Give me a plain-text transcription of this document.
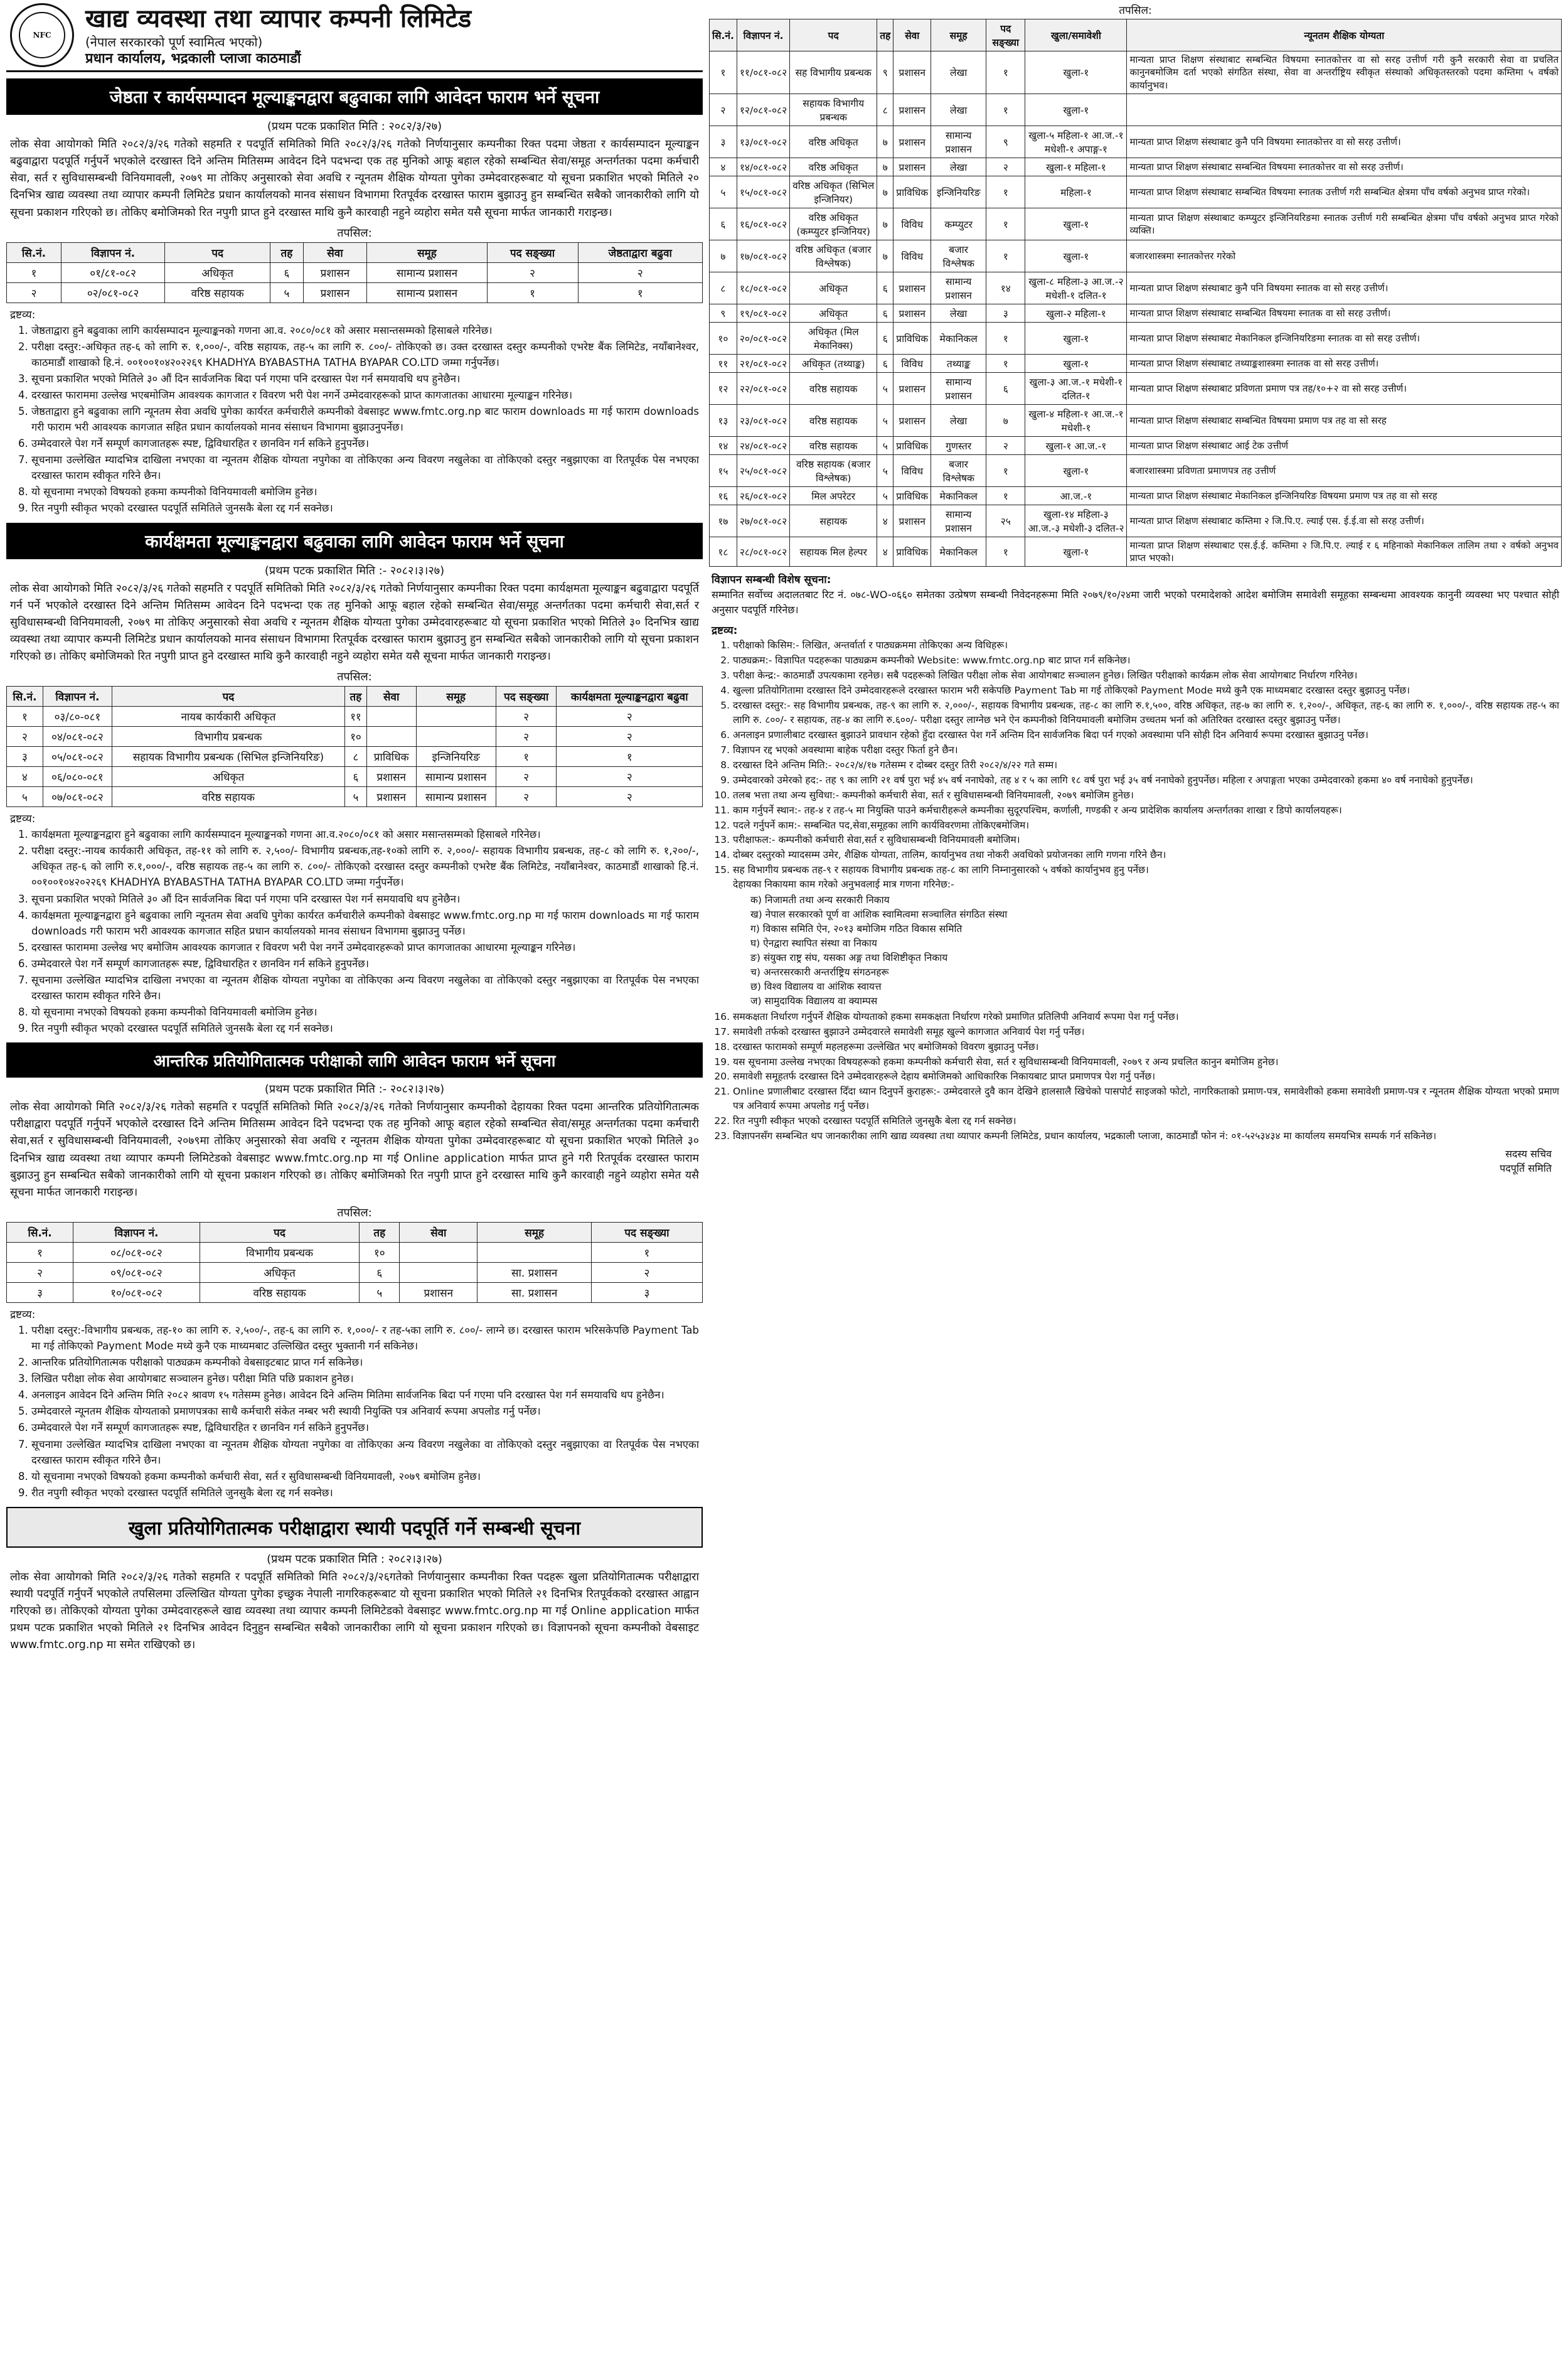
NFC
खाद्य व्यवस्था तथा व्यापार कम्पनी लिमिटेड
(नेपाल सरकारको पूर्ण स्वामित्व भएको)
प्रधान कार्यालय, भद्रकाली प्लाजा काठमाडौं
जेष्ठता र कार्यसम्पादन मूल्याङ्कनद्वारा बढुवाका लागि आवेदन फाराम भर्ने सूचना
(प्रथम पटक प्रकाशित मिति : २०८२/३/२७)
लोक सेवा आयोगको मिति २०८२/३/२६ गतेको सहमति र पदपूर्ति समितिको मिति २०८२/३/२६ गतेको निर्णयानुसार कम्पनीका रिक्त पदमा जेष्ठता र कार्यसम्पादन मूल्याङ्कन बढुवाद्वारा पदपूर्ति गर्नुपर्ने भएकोले दरखास्त दिने अन्तिम मितिसम्म आवेदन दिने पदभन्दा एक तह मुनिको आफू बहाल रहेको सम्बन्धित सेवा/समूह अन्तर्गतका पदमा कर्मचारी सेवा, सर्त र सुविधासम्बन्धी विनियमावली, २०७९ मा तोकिए अनुसारको सेवा अवधि र न्यूनतम शैक्षिक योग्यता पुगेका उम्मेदवारहरूबाट यो सूचना प्रकाशित भएको मितिले २० दिनभित्र खाद्य व्यवस्था तथा व्यापार कम्पनी लिमिटेड प्रधान कार्यालयको मानव संसाधन विभागमा रितपूर्वक दरखास्त फाराम बुझाउनु हुन सम्बन्धित सबैको जानकारीको लागि यो सूचना प्रकाशन गरिएको छ। तोकिए बमोजिमको रित नपुगी प्राप्त हुने दरखास्त माथि कुनै कारवाही नहुने व्यहोरा समेत यसै सूचना मार्फत जानकारी गराइन्छ।
तपसिल:
सि.नं.	विज्ञापन नं.	पद	तह	सेवा	समूह	पद सङ्ख्या	जेष्ठताद्वारा बढुवा
१	०१/८१-०८२	अधिकृत	६	प्रशासन	सामान्य प्रशासन	२	२
२	०२/०८१-०८२	वरिष्ठ सहायक	५	प्रशासन	सामान्य प्रशासन	१	१
द्रष्टव्य:
1. जेष्ठताद्वारा हुने बढुवाका लागि कार्यसम्पादन मूल्याङ्कनको गणना आ.व. २०८०/०८१ को असार मसान्तसम्मको हिसाबले गरिनेछ।
2. परीक्षा दस्तुर:-अधिकृत तह-६ को लागि रु. १,०००/-, वरिष्ठ सहायक, तह-५ का लागि रु. ८००/- तोकिएको छ। उक्त दरखास्त दस्तुर कम्पनीको एभरेष्ट बैंक लिमिटेड, नयाँबानेश्वर, काठमाडौं शाखाको हि.नं. ००१००१०४२०२२६९ KHADHYA BYABASTHA TATHA BYAPAR CO.LTD जम्मा गर्नुपर्नेछ।
3. सूचना प्रकाशित भएको मितिले ३० औं दिन सार्वजनिक बिदा पर्न गएमा पनि दरखास्त पेश गर्न समयावधि थप हुनेछैन।
4. दरखास्त फाराममा उल्लेख भएबमोजिम आवश्यक कागजात र विवरण भरी पेश नगर्ने उम्मेदवारहरूको प्राप्त कागजातका आधारमा मूल्याङ्कन गरिनेछ।
5. जेष्ठताद्वारा हुने बढुवाका लागि न्यूनतम सेवा अवधि पुगेका कार्यरत कर्मचारीले कम्पनीको वेबसाइट www.fmtc.org.np बाट फाराम downloads मा गई फाराम downloads गरी फाराम भरी आवश्यक कागजात सहित प्रधान कार्यालयको मानव संसाधन विभागमा बुझाउनुपर्नेछ।
6. उम्मेदवारले पेश गर्ने सम्पूर्ण कागजातहरू स्पष्ट, द्विविधारहित र छानविन गर्न सकिने हुनुपर्नेछ।
7. सूचनामा उल्लेखित म्यादभित्र दाखिला नभएका वा न्यूनतम शैक्षिक योग्यता नपुगेका वा तोकिएका अन्य विवरण नखुलेका वा तोकिएको दस्तुर नबुझाएका वा रितपूर्वक पेस नभएका दरखास्त फाराम स्वीकृत गरिने छैन।
8. यो सूचनामा नभएको विषयको हकमा कम्पनीको विनियमावली बमोजिम हुनेछ।
9. रित नपुगी स्वीकृत भएको दरखास्त पदपूर्ति समितिले जुनसकै बेला रद्द गर्न सक्नेछ।
कार्यक्षमता मूल्याङ्कनद्वारा बढुवाका लागि आवेदन फाराम भर्ने सूचना
(प्रथम पटक प्रकाशित मिति :- २०८२।३।२७)
लोक सेवा आयोगको मिति २०८२/३/२६ गतेको सहमति र पदपूर्ति समितिको मिति २०८२/३/२६ गतेको निर्णयानुसार कम्पनीका रिक्त पदमा कार्यक्षमता मूल्याङ्कन बढुवाद्वारा पदपूर्ति गर्न पर्ने भएकोले दरखास्त दिने अन्तिम मितिसम्म आवेदन दिने पदभन्दा एक तह मुनिको आफू बहाल रहेको सम्बन्धित सेवा/समूह अन्तर्गतका पदमा कर्मचारी सेवा,सर्त र सुविधासम्बन्धी विनियमावली, २०७९ मा तोकिए अनुसारको सेवा अवधि र न्यूनतम शैक्षिक योग्यता पुगेका उम्मेदवारहरूबाट यो सूचना प्रकाशित भएको मितिले ३० दिनभित्र खाद्य व्यवस्था तथा व्यापार कम्पनी लिमिटेड प्रधान कार्यालयको मानव संसाधन विभागमा रितपूर्वक दरखास्त फाराम बुझाउनु हुन सम्बन्धित सबैको जानकारीको लागि यो सूचना प्रकाशन गरिएको छ। तोकिए बमोजिमको रित नपुगी प्राप्त हुने दरखास्त माथि कुनै कारवाही नहुने व्यहोरा समेत यसै सूचना मार्फत जानकारी गराइन्छ।
तपसिल:
सि.नं.	विज्ञापन नं.	पद	तह	सेवा	समूह	पद सङ्ख्या	कार्यक्षमता मूल्याङ्कनद्वारा बढुवा
१	०३/८०-०८१	नायब कार्यकारी अधिकृत	११			२	२
२	०४/०८१-०८२	विभागीय प्रबन्धक	१०			२	२
३	०५/०८१-०८२	सहायक विभागीय प्रबन्धक (सिभिल इन्जिनियरिङ)	८	प्राविधिक	इन्जिनियरिङ	१	१
४	०६/०८०-०८१	अधिकृत	६	प्रशासन	सामान्य प्रशासन	२	२
५	०७/०८१-०८२	वरिष्ठ सहायक	५	प्रशासन	सामान्य प्रशासन	२	२
द्रष्टव्य:
1. कार्यक्षमता मूल्याङ्कनद्वारा हुने बढुवाका लागि कार्यसम्पादन मूल्याङ्कनको गणना आ.व.२०८०/०८१ को असार मसान्तसम्मको हिसाबले गरिनेछ।
2. परीक्षा दस्तुर:-नायब कार्यकारी अधिकृत, तह-११ को लागि रु. २,५००/- विभागीय प्रबन्धक,तह-१०को लागि रु. २,०००/- सहायक विभागीय प्रबन्धक, तह-८ को लागि रु. १,२००/-, अधिकृत तह-६ को लागि रु.१,०००/-, वरिष्ठ सहायक तह-५ का लागि रु. ८००/- तोकिएको दरखास्त दस्तुर कम्पनीको एभरेष्ट बैंक लिमिटेड, नयाँबानेश्वर, काठमाडौं शाखाको हि.नं. ००१००१०४२०२२६९ KHADHYA BYABASTHA TATHA BYAPAR CO.LTD जम्मा गर्नुपर्नेछ।
3. सूचना प्रकाशित भएको मितिले ३० औं दिन सार्वजनिक बिदा पर्न गएमा पनि दरखास्त पेश गर्न समयावधि थप हुनेछैन।
4. कार्यक्षमता मूल्याङ्कनद्वारा हुने बढुवाका लागि न्यूनतम सेवा अवधि पुगेका कार्यरत कर्मचारीले कम्पनीको वेबसाइट www.fmtc.org.np मा गई फाराम downloads मा गई फाराम downloads गरी फाराम भरी आवश्यक कागजात सहित प्रधान कार्यालयको मानव संसाधन विभागमा बुझाउनु पर्नेछ।
5. दरखास्त फाराममा उल्लेख भए बमोजिम आवश्यक कागजात र विवरण भरी पेश नगर्ने उम्मेदवारहरूको प्राप्त कागजातका आधारमा मूल्याङ्कन गरिनेछ।
6. उम्मेदवारले पेश गर्ने सम्पूर्ण कागजातहरू स्पष्ट, द्विविधारहित र छानविन गर्न सकिने हुनुपर्नेछ।
7. सूचनामा उल्लेखित म्यादभित्र दाखिला नभएका वा न्यूनतम शैक्षिक योग्यता नपुगेका वा तोकिएका अन्य विवरण नखुलेका वा तोकिएको दस्तुर नबुझाएका वा रितपूर्वक पेस नभएका दरखास्त फाराम स्वीकृत गरिने छैन।
8. यो सूचनामा नभएको विषयको हकमा कम्पनीको विनियमावली बमोजिम हुनेछ।
9. रित नपुगी स्वीकृत भएको दरखास्त पदपूर्ति समितिले जुनसकै बेला रद्द गर्न सक्नेछ।
आन्तरिक प्रतियोगितात्मक परीक्षाको लागि आवेदन फाराम भर्ने सूचना
(प्रथम पटक प्रकाशित मिति :- २०८२।३।२७)
लोक सेवा आयोगको मिति २०८२/३/२६ गतेको सहमति र पदपूर्ति समितिको मिति २०८२/३/२६ गतेको निर्णयानुसार कम्पनीको देहायका रिक्त पदमा आन्तरिक प्रतियोगितात्मक परीक्षाद्वारा पदपूर्ति गर्नुपर्ने भएकोले दरखास्त दिने अन्तिम मितिसम्म आवेदन दिने पदभन्दा एक तह मुनिको आफू बहाल रहेको सम्बन्धित सेवा/समूह अन्तर्गतका पदमा कर्मचारी सेवा,सर्त र सुविधासम्बन्धी विनियमावली, २०७९मा तोकिए अनुसारको सेवा अवधि र न्यूनतम शैक्षिक योग्यता पुगेका उम्मेदवारहरूबाट यो सूचना प्रकाशित भएको मितिले ३० दिनभित्र खाद्य व्यवस्था तथा व्यापार कम्पनी लिमिटेडको वेबसाइट www.fmtc.org.np मा गई Online application मार्फत प्राप्त हुने गरी रितपूर्वक दरखास्त फाराम बुझाउनु हुन सम्बन्धित सबैको जानकारीको लागि यो सूचना प्रकाशन गरिएको छ। तोकिए बमोजिमको रित नपुगी प्राप्त हुने दरखास्त माथि कुनै कारवाही नहुने व्यहोरा समेत यसै सूचना मार्फत जानकारी गराइन्छ।
तपसिल:
सि.नं.	विज्ञापन नं.	पद	तह	सेवा	समूह	पद सङ्ख्या
१	०८/०८१-०८२	विभागीय प्रबन्धक	१०			१
२	०९/०८१-०८२	अधिकृत	६		सा. प्रशासन	२
३	१०/०८१-०८२	वरिष्ठ सहायक	५	प्रशासन	सा. प्रशासन	३
द्रष्टव्य:
1. परीक्षा दस्तुर:-विभागीय प्रबन्धक, तह-१० का लागि रु. २,५००/-, तह-६ का लागि रु. १,०००/- र तह-५का लागि रु. ८००/- लाग्ने छ। दरखास्त फाराम भरिसकेपछि Payment Tab मा गई तोकिएको Payment Mode मध्ये कुनै एक माध्यमबाट उल्लिखित दस्तुर भुक्तानी गर्न सकिनेछ।
2. आन्तरिक प्रतियोगितात्मक परीक्षाको पाठ्यक्रम कम्पनीको वेबसाइटबाट प्राप्त गर्न सकिनेछ।
3. लिखित परीक्षा लोक सेवा आयोगबाट सञ्चालन हुनेछ। परीक्षा मिति पछि प्रकाशन हुनेछ।
4. अनलाइन आवेदन दिने अन्तिम मिति २०८२ श्रावण १५ गतेसम्म हुनेछ। आवेदन दिने अन्तिम मितिमा सार्वजनिक बिदा पर्न गएमा पनि दरखास्त पेश गर्न समयावधि थप हुनेछैन।
5. उम्मेदवारले न्यूनतम शैक्षिक योग्यताको प्रमाणपत्रका साथै कर्मचारी संकेत नम्बर भरी स्थायी नियुक्ति पत्र अनिवार्य रूपमा अपलोड गर्नु पर्नेछ।
6. उम्मेदवारले पेश गर्ने सम्पूर्ण कागजातहरू स्पष्ट, द्विविधारहित र छानविन गर्न सकिने हुनुपर्नेछ।
7. सूचनामा उल्लेखित म्यादभित्र दाखिला नभएका वा न्यूनतम शैक्षिक योग्यता नपुगेका वा तोकिएका अन्य विवरण नखुलेका वा तोकिएको दस्तुर नबुझाएका वा रितपूर्वक पेस नभएका दरखास्त फाराम स्वीकृत गरिने छैन।
8. यो सूचनामा नभएको विषयको हकमा कम्पनीको कर्मचारी सेवा, सर्त र सुविधासम्बन्धी विनियमावली, २०७९ बमोजिम हुनेछ।
9. रीत नपुगी स्वीकृत भएको दरखास्त पदपूर्ति समितिले जुनसुकै बेला रद्द गर्न सक्नेछ।
खुला प्रतियोगितात्मक परीक्षाद्वारा स्थायी पदपूर्ति गर्ने सम्बन्धी सूचना
(प्रथम पटक प्रकाशित मिति : २०८२।३।२७)
लोक सेवा आयोगको मिति २०८२/३/२६ गतेको सहमति र पदपूर्ति समितिको मिति २०८२/३/२६गतेको निर्णयानुसार कम्पनीका रिक्त पदहरू खुला प्रतियोगितात्मक परीक्षाद्वारा स्थायी पदपूर्ति गर्नुपर्ने भएकोले तपसिलमा उल्लिखित योग्यता पुगेका इच्छुक नेपाली नागरिकहरूबाट यो सूचना प्रकाशित भएको मितिले २१ दिनभित्र रितपूर्वकको दरखास्त आह्वान गरिएको छ। तोकिएको योग्यता पुगेका उम्मेदवारहरूले खाद्य व्यवस्था तथा व्यापार कम्पनी लिमिटेडको वेबसाइट www.fmtc.org.np मा गई Online application मार्फत प्रथम पटक प्रकाशित भएको मितिले २१ दिनभित्र आवेदन दिनुहुन सम्बन्धित सबैको जानकारीका लागि यो सूचना प्रकाशन गरिएको छ। विज्ञापनको सूचना कम्पनीको वेबसाइट www.fmtc.org.np मा समेत राखिएको छ।
तपसिल:
सि.नं.	विज्ञापन नं.	पद	तह	सेवा	समूह	पद सङ्ख्या	खुला/समावेशी	न्यूनतम शैक्षिक योग्यता
१	११/०८१-०८२	सह विभागीय प्रबन्धक	९	प्रशासन	लेखा	१	खुला-१	मान्यता प्राप्त शिक्षण संस्थाबाट सम्बन्धित विषयमा स्नातकोत्तर वा सो सरह उत्तीर्ण गरी कुनै सरकारी सेवा वा प्रचलित कानुनबमोजिम दर्ता भएको संगठित संस्था, सेवा वा अन्तर्राष्ट्रिय स्वीकृत संस्थाको अधिकृतस्तरको पदमा कम्तिमा ५ वर्षको कार्यानुभव।
२	१२/०८१-०८२	सहायक विभागीय प्रबन्धक	८	प्रशासन	लेखा	१	खुला-१	
३	१३/०८१-०८२	वरिष्ठ अधिकृत	७	प्रशासन	सामान्य प्रशासन	९	खुला-५ महिला-१ आ.ज.-१ मधेशी-१ अपाङ्ग-१	मान्यता प्राप्त शिक्षण संस्थाबाट कुनै पनि विषयमा स्नातकोत्तर वा सो सरह उत्तीर्ण।
४	१४/०८१-०८२	वरिष्ठ अधिकृत	७	प्रशासन	लेखा	२	खुला-१ महिला-१	मान्यता प्राप्त शिक्षण संस्थाबाट सम्बन्धित विषयमा स्नातकोत्तर वा सो सरह उत्तीर्ण।
५	१५/०८१-०८२	वरिष्ठ अधिकृत (सिभिल इन्जिनियर)	७	प्राविधिक	इन्जिनियरिङ	१	महिला-१	मान्यता प्राप्त शिक्षण संस्थाबाट सम्बन्धित विषयमा स्नातक उत्तीर्ण गरी सम्बन्धित क्षेत्रमा पाँच वर्षको अनुभव प्राप्त गरेको।
६	१६/०८१-०८२	वरिष्ठ अधिकृत (कम्प्युटर इन्जिनियर)	७	विविध	कम्प्युटर	१	खुला-१	मान्यता प्राप्त शिक्षण संस्थाबाट कम्प्युटर इन्जिनियरिङमा स्नातक उत्तीर्ण गरी सम्बन्धित क्षेत्रमा पाँच वर्षको अनुभव प्राप्त गरेको व्यक्ति।
७	१७/०८१-०८२	वरिष्ठ अधिकृत (बजार विश्लेषक)	७	विविध	बजार विश्लेषक	१	खुला-१	बजारशास्त्रमा स्नातकोत्तर गरेको
८	१८/०८१-०८२	अधिकृत	६	प्रशासन	सामान्य प्रशासन	१४	खुला-८ महिला-३ आ.ज.-२ मधेशी-१ दलित-१	मान्यता प्राप्त शिक्षण संस्थाबाट कुनै पनि विषयमा स्नातक वा सो सरह उत्तीर्ण।
९	१९/०८१-०८२	अधिकृत	६	प्रशासन	लेखा	३	खुला-२ महिला-१	मान्यता प्राप्त शिक्षण संस्थाबाट सम्बन्धित विषयमा स्नातक वा सो सरह उत्तीर्ण।
१०	२०/०८१-०८२	अधिकृत (मिल मेकानिक्स)	६	प्राविधिक	मेकानिकल	१	खुला-१	मान्यता प्राप्त शिक्षण संस्थाबाट मेकानिकल इन्जिनियरिङमा स्नातक वा सो सरह उत्तीर्ण।
११	२१/०८१-०८२	अधिकृत (तथ्याङ्क)	६	विविध	तथ्याङ्क	१	खुला-१	मान्यता प्राप्त शिक्षण संस्थाबाट तथ्याङ्कशास्त्रमा स्नातक वा सो सरह उत्तीर्ण।
१२	२२/०८१-०८२	वरिष्ठ सहायक	५	प्रशासन	सामान्य प्रशासन	६	खुला-३ आ.ज.-१ मधेशी-१ दलित-१	मान्यता प्राप्त शिक्षण संस्थाबाट प्रविणता प्रमाण पत्र तह/१०+२ वा सो सरह उत्तीर्ण।
१३	२३/०८१-०८२	वरिष्ठ सहायक	५	प्रशासन	लेखा	७	खुला-४ महिला-१ आ.ज.-१ मधेशी-१	मान्यता प्राप्त शिक्षण संस्थाबाट सम्बन्धित विषयमा प्रमाण पत्र तह वा सो सरह
१४	२४/०८१-०८२	वरिष्ठ सहायक	५	प्राविधिक	गुणस्तर	२	खुला-१ आ.ज.-१	मान्यता प्राप्त शिक्षण संस्थाबाट आई टेक उत्तीर्ण
१५	२५/०८१-०८२	वरिष्ठ सहायक (बजार विश्लेषक)	५	विविध	बजार विश्लेषक	१	खुला-१	बजारशास्त्रमा प्रविणता प्रमाणपत्र तह उत्तीर्ण
१६	२६/०८१-०८२	मिल अपरेटर	५	प्राविधिक	मेकानिकल	१	आ.ज.-१	मान्यता प्राप्त शिक्षण संस्थाबाट मेकानिकल इन्जिनियरिङ विषयमा प्रमाण पत्र तह वा सो सरह
१७	२७/०८१-०८२	सहायक	४	प्रशासन	सामान्य प्रशासन	२५	खुला-१४ महिला-३ आ.ज.-३ मधेशी-३ दलित-२	मान्यता प्राप्त शिक्षण संस्थाबाट कम्तिमा २ जि.पि.ए. ल्याई एस. ई.ई.वा सो सरह उत्तीर्ण।
१८	२८/०८१-०८२	सहायक मिल हेल्पर	४	प्राविधिक	मेकानिकल	१	खुला-१	मान्यता प्राप्त शिक्षण संस्थाबाट एस.ई.ई. कम्तिमा २ जि.पि.ए. ल्याई र ६ महिनाको मेकानिकल तालिम तथा २ वर्षको अनुभव प्राप्त भएको।
विज्ञापन सम्बन्धी विशेष सूचना:
सम्मानित सर्वोच्च अदालतबाट रिट नं. ०७८-WO-०६६० समेतका उत्प्रेषण सम्बन्धी निवेदनहरूमा मिति २०७९/१०/२४मा जारी भएको परमादेशको आदेश बमोजिम समावेशी समूहका सम्बन्धमा आवश्यक कानुनी व्यवस्था भए पश्चात सोही अनुसार पदपूर्ति गरिनेछ।
द्रष्टव्य:
1. परीक्षाको किसिम:- लिखित, अन्तर्वार्ता र पाठ्यक्रममा तोकिएका अन्य विधिहरू।
2. पाठ्यक्रम:- विज्ञापित पदहरूका पाठ्यक्रम कम्पनीको Website: www.fmtc.org.np बाट प्राप्त गर्न सकिनेछ।
3. परीक्षा केन्द्र:- काठमाडौं उपत्यकामा रहनेछ। सबै पदहरूको लिखित परीक्षा लोक सेवा आयोगबाट सञ्चालन हुनेछ। लिखित परीक्षाको कार्यक्रम लोक सेवा आयोगबाट निर्धारण गरिनेछ।
4. खुल्ला प्रतियोगितामा दरखास्त दिने उम्मेदवारहरूले दरखास्त फाराम भरी सकेपछि Payment Tab मा गई तोकिएको Payment Mode मध्ये कुनै एक माध्यमबाट दरखास्त दस्तुर बुझाउनु पर्नेछ।
5. दरखास्त दस्तुर:- सह विभागीय प्रबन्धक, तह-९ का लागि रु. २,०००/-, सहायक विभागीय प्रबन्धक, तह-८ का लागि रु.१,५००, वरिष्ठ अधिकृत, तह-७ का लागि रु. १,२००/-, अधिकृत, तह-६ का लागि रु. १,०००/-, वरिष्ठ सहायक तह-५ का लागि रु. ८००/- र सहायक, तह-४ का लागि रु.६००/- परीक्षा दस्तुर लाग्नेछ भने ऐन कम्पनीको विनियमावली बमोजिम उच्चतम भर्ना को अतिरिक्त दरखास्त दस्तुर बुझाउनु पर्नेछ।
6. अनलाइन प्रणालीबाट दरखास्त बुझाउने प्रावधान रहेको हुँदा दरखास्त पेश गर्ने अन्तिम दिन सार्वजनिक बिदा पर्न गएको अवस्थामा पनि सोही दिन अनिवार्य रूपमा दरखास्त बुझाउनु पर्नेछ।
7. विज्ञापन रद्द भएको अवस्थामा बाहेक परीक्षा दस्तुर फिर्ता हुने छैन।
8. दरखास्त दिने अन्तिम मिति:- २०८२/४/१७ गतेसम्म र दोब्बर दस्तुर तिरी २०८२/४/२२ गते सम्म।
9. उम्मेदवारको उमेरको हद:- तह ९ का लागि २१ वर्ष पुरा भई ४५ वर्ष ननाघेको, तह ४ र ५ का लागि १८ वर्ष पुरा भई ३५ वर्ष ननाघेको हुनुपर्नेछ। महिला र अपाङ्गता भएका उम्मेदवारको हकमा ४० वर्ष ननाघेको हुनुपर्नेछ।
10. तलब भत्ता तथा अन्य सुविधा:- कम्पनीको कर्मचारी सेवा, सर्त र सुविधासम्बन्धी विनियमावली, २०७९ बमोजिम हुनेछ।
11. काम गर्नुपर्ने स्थान:- तह-४ र तह-५ मा नियुक्ति पाउने कर्मचारीहरूले कम्पनीका सुदूरपश्चिम, कर्णाली, गण्डकी र अन्य प्रादेशिक कार्यालय अन्तर्गतका शाखा र डिपो कार्यालयहरू।
12. पदले गर्नुपर्ने काम:- सम्बन्धित पद,सेवा,समूहका लागि कार्यविवरणमा तोकिएबमोजिम।
13. परीक्षाफल:- कम्पनीको कर्मचारी सेवा,सर्त र सुविधासम्बन्धी विनियमावली बमोजिम।
14. दोब्बर दस्तुरको म्यादसम्म उमेर, शैक्षिक योग्यता, तालिम, कार्यानुभव तथा नोकरी अवधिको प्रयोजनका लागि गणना गरिने छैन।
15. सह विभागीय प्रबन्धक तह-९ र सहायक विभागीय प्रबन्धक तह-८ का लागि निम्नानुसारको ५ वर्षको कार्यानुभव हुनु पर्नेछ।
देहायका निकायमा काम गरेको अनुभवलाई मात्र गणना गरिनेछ:-
क) निजामती तथा अन्य सरकारी निकाय
ख) नेपाल सरकारको पूर्ण वा आंशिक स्वामित्वमा सञ्चालित संगठित संस्था
ग) विकास समिति ऐन, २०१३ बमोजिम गठित विकास समिति
घ) ऐनद्वारा स्थापित संस्था वा निकाय
ङ) संयुक्त राष्ट्र संघ, यसका अङ्ग तथा विशिष्टीकृत निकाय
च) अन्तरसरकारी अन्तर्राष्ट्रिय संगठनहरू
छ) विश्व विद्यालय वा आंशिक स्वायत्त
ज) सामुदायिक विद्यालय वा क्याम्पस
16. समकक्षता निर्धारण गर्नुपर्ने शैक्षिक योग्यताको हकमा समकक्षता निर्धारण गरेको प्रमाणित प्रतिलिपी अनिवार्य रूपमा पेश गर्नु पर्नेछ।
17. समावेशी तर्फको दरखास्त बुझाउने उम्मेदवारले समावेशी समूह खुल्ने कागजात अनिवार्य पेश गर्नु पर्नेछ।
18. दरखास्त फारामको सम्पूर्ण महलहरूमा उल्लेखित भए बमोजिमको विवरण बुझाउनु पर्नेछ।
19. यस सूचनामा उल्लेख नभएका विषयहरूको हकमा कम्पनीको कर्मचारी सेवा, सर्त र सुविधासम्बन्धी विनियमावली, २०७९ र अन्य प्रचलित कानुन बमोजिम हुनेछ।
20. समावेशी समूहतर्फ दरखास्त दिने उम्मेदवारहरूले देहाय बमोजिमको आधिकारिक निकायबाट प्राप्त प्रमाणपत्र पेश गर्नु पर्नेछ।
21. Online प्रणालीबाट दरखास्त दिँदा ध्यान दिनुपर्ने कुराहरू:- उम्मेदवारले दुवै कान देखिने हालसालै खिचेको पासपोर्ट साइजको फोटो, नागरिकताको प्रमाण-पत्र, समावेशीको हकमा समावेशी प्रमाण-पत्र र न्यूनतम शैक्षिक योग्यता भएको प्रमाण पत्र अनिवार्य रूपमा अपलोड गर्नु पर्नेछ।
22. रित नपुगी स्वीकृत भएको दरखास्त पदपूर्ति समितिले जुनसुकै बेला रद्द गर्न सक्नेछ।
23. विज्ञापनसँग सम्बन्धित थप जानकारीका लागि खाद्य व्यवस्था तथा व्यापार कम्पनी लिमिटेड, प्रधान कार्यालय, भद्रकाली प्लाजा, काठमाडौं फोन नं: ०१-५२५३४३४ मा कार्यालय समयभित्र सम्पर्क गर्न सकिनेछ।
सदस्य सचिव
पदपूर्ति समिति
